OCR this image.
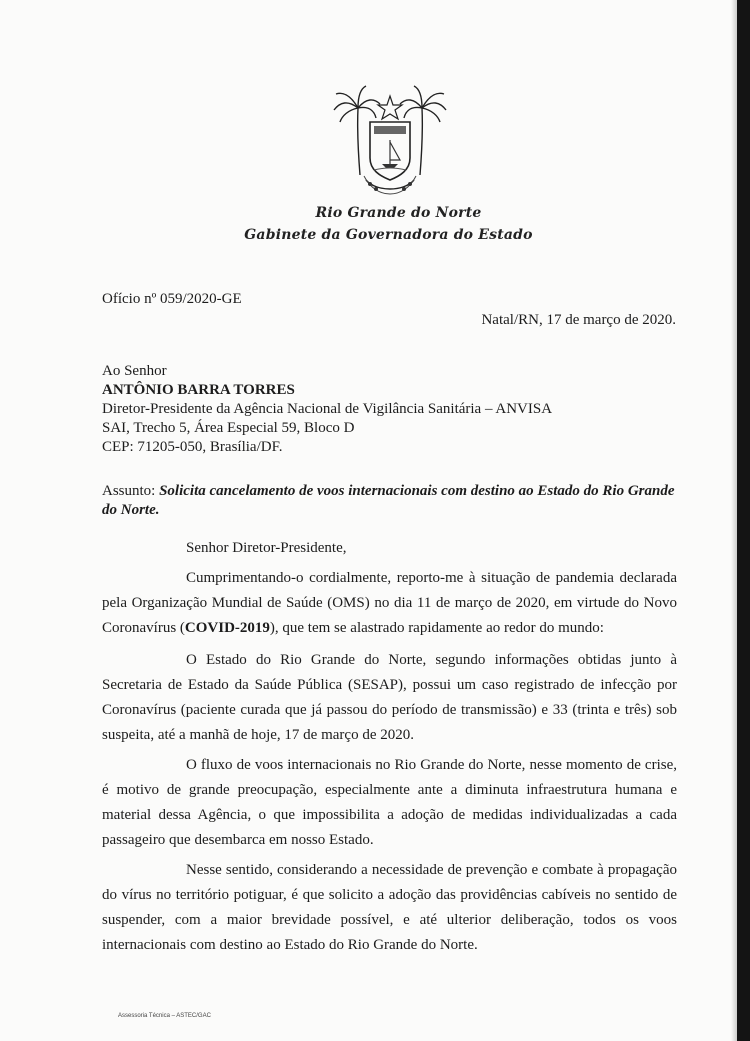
Rio Grande do Norte
Gabinete da Governadora do Estado
Ofício nº 059/2020-GE
Natal/RN, 17 de março de 2020.
Ao Senhor
ANTÔNIO BARRA TORRES
Diretor-Presidente da Agência Nacional de Vigilância Sanitária – ANVISA
SAI, Trecho 5, Área Especial 59, Bloco D
CEP: 71205-050, Brasília/DF.
Assunto: Solicita cancelamento de voos internacionais com destino ao Estado do Rio Grande do Norte.
Senhor Diretor-Presidente,
Cumprimentando-o cordialmente, reporto-me à situação de pandemia declarada pela Organização Mundial de Saúde (OMS) no dia 11 de março de 2020, em virtude do Novo Coronavírus (COVID-2019), que tem se alastrado rapidamente ao redor do mundo:
O Estado do Rio Grande do Norte, segundo informações obtidas junto à Secretaria de Estado da Saúde Pública (SESAP), possui um caso registrado de infecção por Coronavírus (paciente curada que já passou do período de transmissão) e 33 (trinta e três) sob suspeita, até a manhã de hoje, 17 de março de 2020.
O fluxo de voos internacionais no Rio Grande do Norte, nesse momento de crise, é motivo de grande preocupação, especialmente ante a diminuta infraestrutura humana e material dessa Agência, o que impossibilita a adoção de medidas individualizadas a cada passageiro que desembarca em nosso Estado.
Nesse sentido, considerando a necessidade de prevenção e combate à propagação do vírus no território potiguar, é que solicito a adoção das providências cabíveis no sentido de suspender, com a maior brevidade possível, e até ulterior deliberação, todos os voos internacionais com destino ao Estado do Rio Grande do Norte.
Assessoria Técnica – ASTEC/GAC
